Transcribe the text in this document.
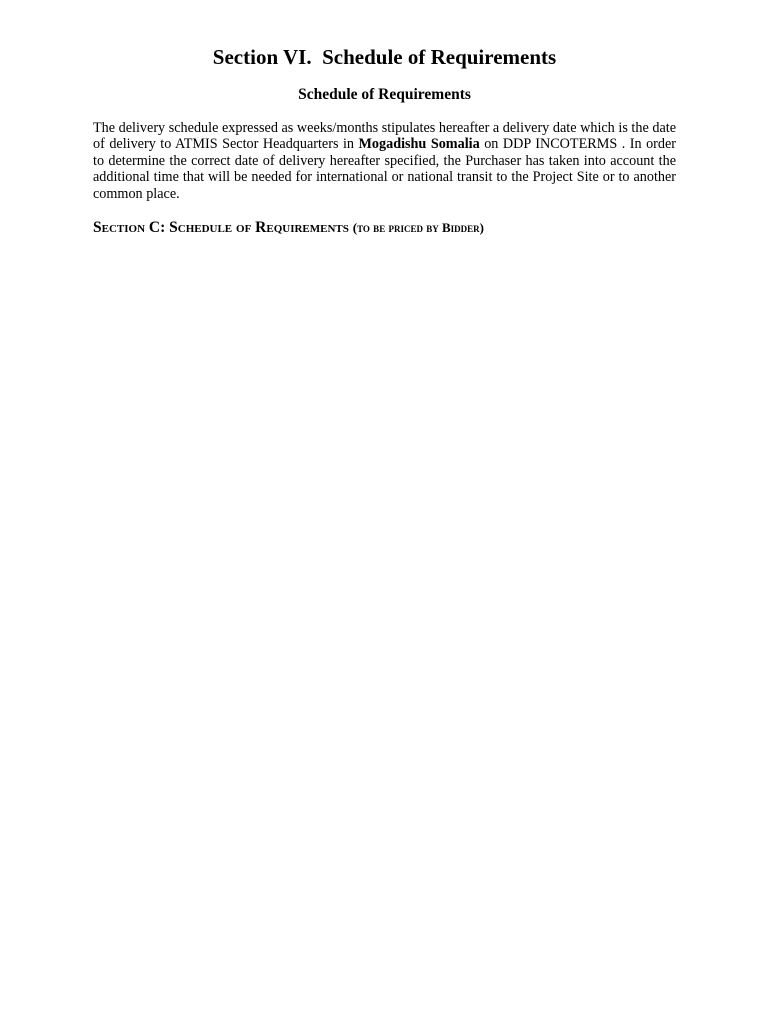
Section VI.  Schedule of Requirements
Schedule of Requirements

The delivery schedule expressed as weeks/months stipulates hereafter a delivery date which is the date of delivery to ATMIS Sector Headquarters in Mogadishu Somalia on DDP INCOTERMS . In order to determine the correct date of delivery hereafter specified, the Purchaser has taken into account the additional time that will be needed for international or national transit to the Project Site or to another common place.

Section C: Schedule of Requirements (to be priced by Bidder)
